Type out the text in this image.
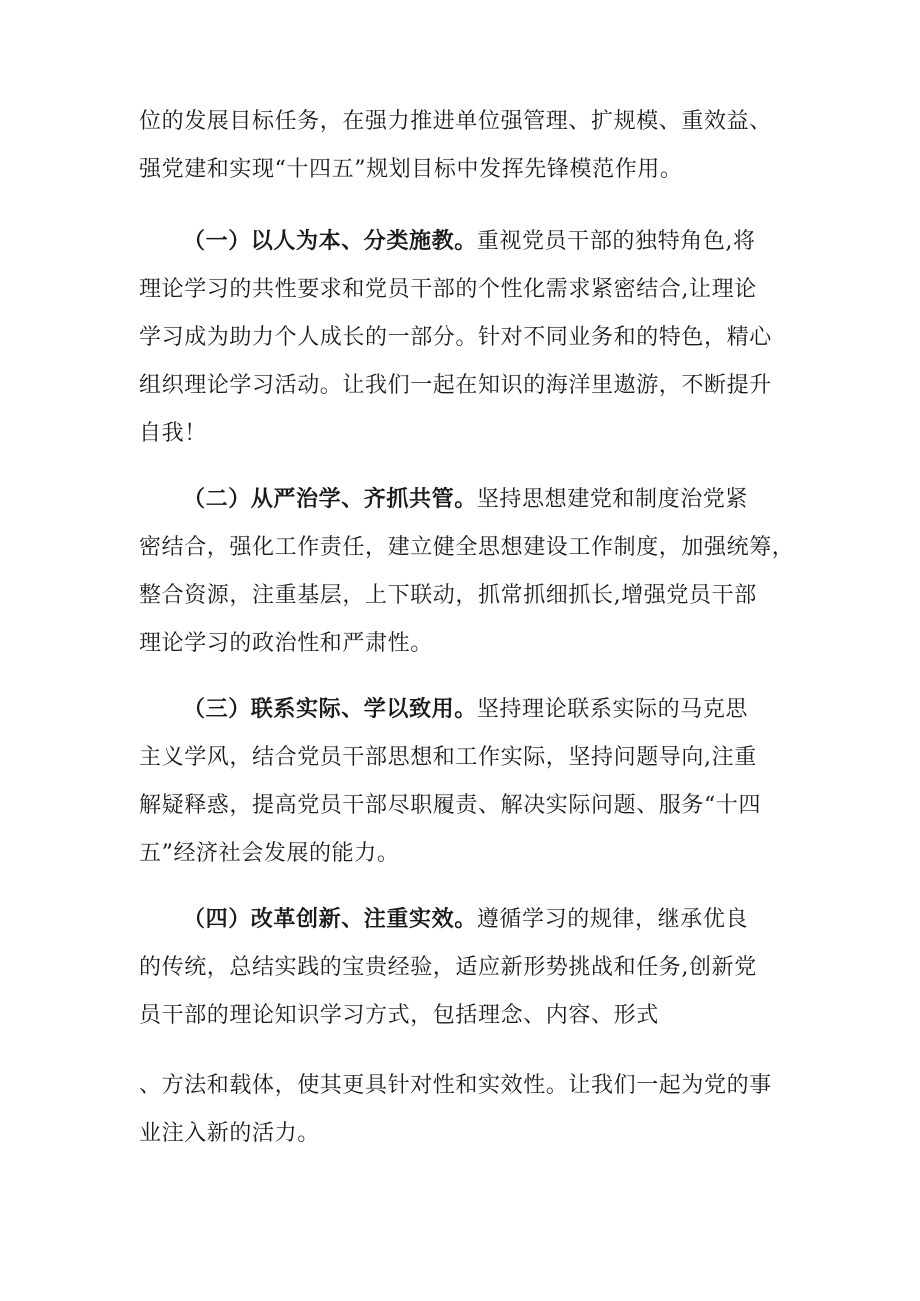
位的发展目标任务，在强力推进单位强管理、扩规模、重效益、
强党建和实现“十四五”规划目标中发挥先锋模范作用。
（一）以人为本、分类施教。重视党员干部的独特角色,将
理论学习的共性要求和党员干部的个性化需求紧密结合,让理论
学习成为助力个人成长的一部分。针对不同业务和的特色，精心
组织理论学习活动。让我们一起在知识的海洋里遨游，不断提升
自我！
（二）从严治学、齐抓共管。坚持思想建党和制度治党紧
密结合，强化工作责任，建立健全思想建设工作制度，加强统筹，
整合资源，注重基层，上下联动，抓常抓细抓长,增强党员干部
理论学习的政治性和严肃性。
（三）联系实际、学以致用。坚持理论联系实际的马克思
主义学风，结合党员干部思想和工作实际，坚持问题导向,注重
解疑释惑，提高党员干部尽职履责、解决实际问题、服务“十四
五”经济社会发展的能力。
（四）改革创新、注重实效。遵循学习的规律，继承优良
的传统，总结实践的宝贵经验，适应新形势挑战和任务,创新党
员干部的理论知识学习方式，包括理念、内容、形式
、方法和载体，使其更具针对性和实效性。让我们一起为党的事
业注入新的活力。
